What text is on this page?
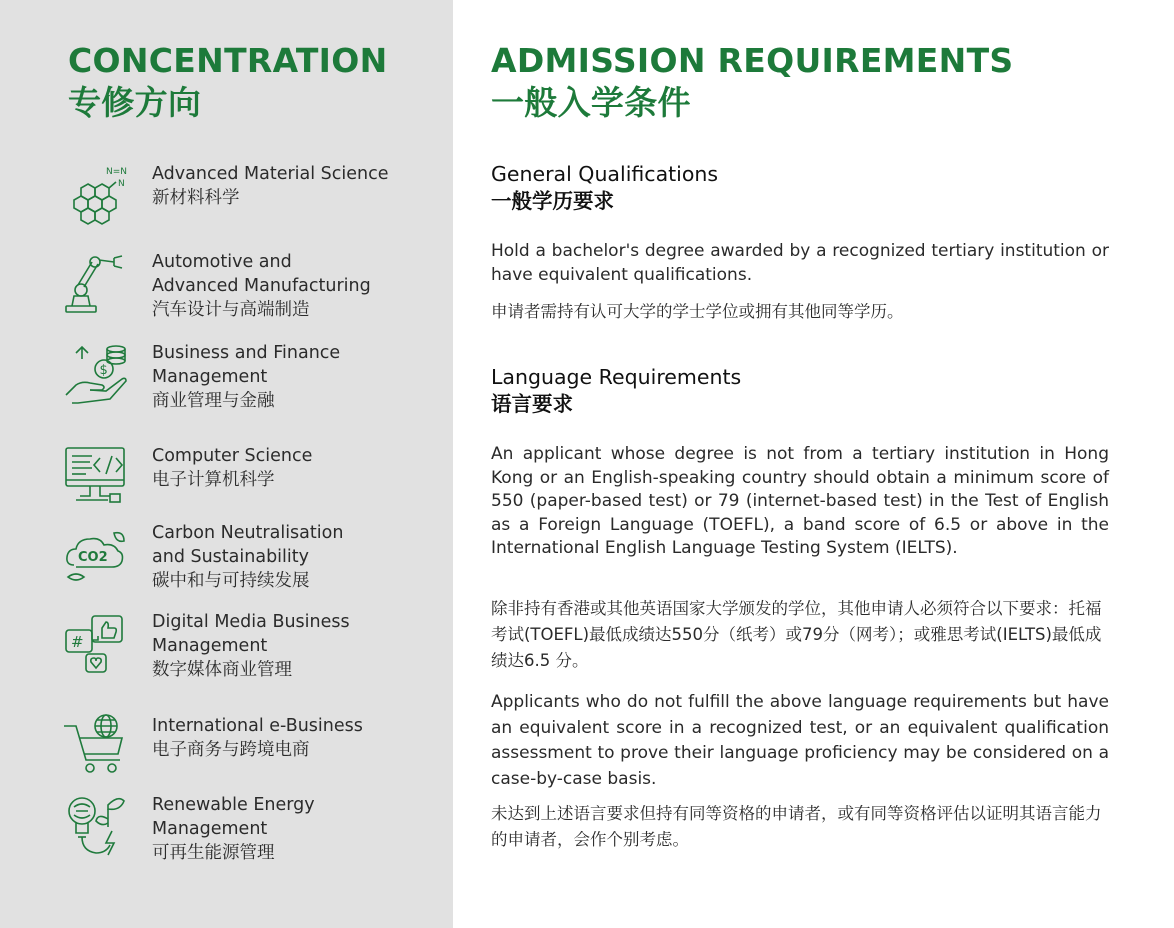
CONCENTRATION
专修方向
N=N
N Advanced Material Science
新材料科学
Automotive and
Advanced Manufacturing
汽车设计与高端制造
$
Business and Finance
Management
商业管理与金融
Computer Science
电子计算机科学
CO2
Carbon Neutralisation
and Sustainability
碳中和与可持续发展
#
Digital Media Business
Management
数字媒体商业管理
International e-Business
电子商务与跨境电商
Renewable Energy
Management
可再生能源管理
ADMISSION REQUIREMENTS
一般入学条件
General Qualifications
一般学历要求
Hold a bachelor's degree awarded by a recognized tertiary institution or have equivalent qualifications.
申请者需持有认可大学的学士学位或拥有其他同等学历。
Language Requirements
语言要求
An applicant whose degree is not from a tertiary institution in Hong Kong or an English-speaking country should obtain a minimum score of 550 (paper-based test) or 79 (internet-based test) in the Test of English as a Foreign Language (TOEFL), a band score of 6.5 or above in the International English Language Testing System (IELTS).
除非持有香港或其他英语国家大学颁发的学位，其他申请人必须符合以下要求：托福考试(TOEFL)最低成绩达550分（纸考）或79分（网考）；或雅思考试(IELTS)最低成绩达6.5 分。
Applicants who do not fulfill the above language requirements but have an equivalent score in a recognized test, or an equivalent qualification assessment to prove their language proficiency may be considered on a case-by-case basis.
未达到上述语言要求但持有同等资格的申请者，或有同等资格评估以证明其语言能力的申请者，会作个别考虑。
